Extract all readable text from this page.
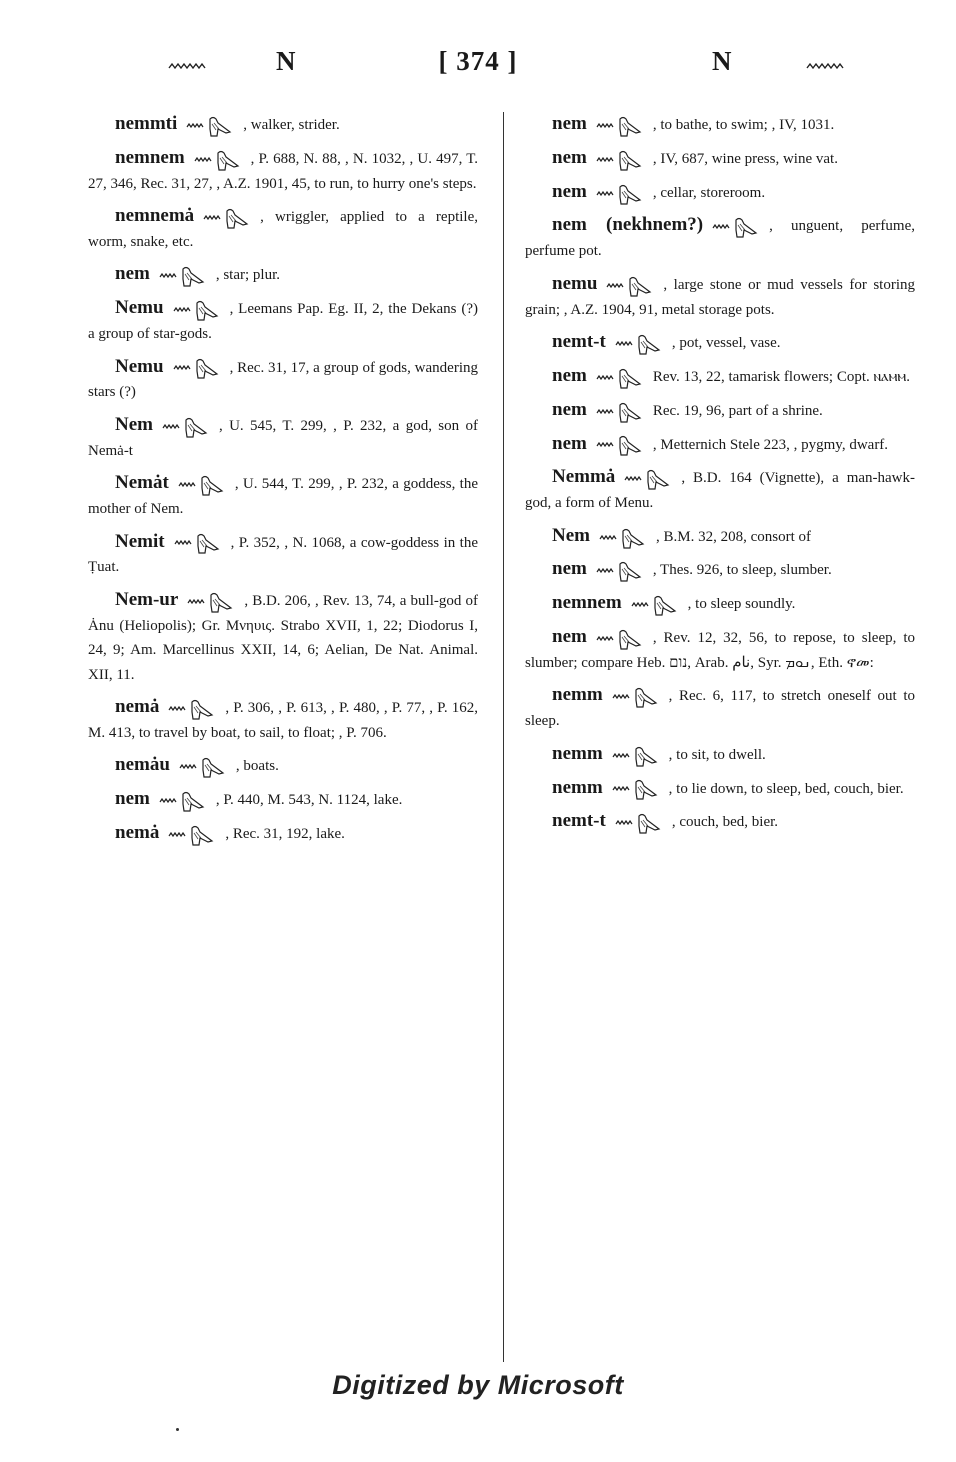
N	[ 374 ]	N
nemmti	, walker, strider.
nemnem	, P. 688, N. 88, , N. 1032, , U. 497, T. 27, 346, Rec. 31, 27, , A.Z. 1901, 45, to run, to hurry one's steps.
nemnemȧ	, wriggler, applied to a reptile, worm, snake, etc.
nem	, star; plur.
Nemu	, Leemans Pap. Eg. II, 2, the Dekans (?) a group of star-gods.
Nemu	, Rec. 31, 17, a group of gods, wandering stars (?)
Nem	, U. 545, T. 299, , P. 232, a god, son of Nemȧ-t
Nemȧt	, U. 544, T. 299, , P. 232, a goddess, the mother of Nem.
Nemit	, P. 352, , N. 1068, a cow-goddess in the Ṭuat.
Nem-ur	, B.D. 206, , Rev. 13, 74, a bull-god of Ȧnu (Heliopolis); Gr. Μνηυις. Strabo XVII, 1, 22; Diodorus I, 24, 9; Am. Marcellinus XXII, 14, 6; Aelian, De Nat. Animal. XII, 11.
nemȧ	, P. 306, , P. 613, , P. 480, , P. 77, , P. 162, M. 413, to travel by boat, to sail, to float; , P. 706.
nemȧu	, boats.
nem	, P. 440, M. 543, N. 1124, lake.
nemȧ	, Rec. 31, 192, lake.
nem	, to bathe, to swim; , IV, 1031.
nem	, IV, 687, wine press, wine vat.
nem	, cellar, storeroom.
nem (nekhnem?)	, unguent, perfume, perfume pot.
nemu	, large stone or mud vessels for storing grain; , A.Z. 1904, 91, metal storage pots.
nemt-t	, pot, vessel, vase.
nem	Rev. 13, 22, tamarisk flowers; Copt. ⲛⲁⲙⲙ.
nem	Rec. 19, 96, part of a shrine.
nem	, Metternich Stele 223, , pygmy, dwarf.
Nemmȧ	, B.D. 164 (Vignette), a man-hawk-god, a form of Menu.
Nem	, B.M. 32, 208, consort of
nem	, Thes. 926, to sleep, slumber.
nemnem	, to sleep soundly.
nem	, Rev. 12, 32, 56, to repose, to sleep, to slumber; compare Heb. נום, Arab. نام, Syr. ܢܘܡ, Eth. ኖመ:
nemm	, Rec. 6, 117, to stretch oneself out to sleep.
nemm	, to sit, to dwell.
nemm	, to lie down, to sleep, bed, couch, bier.
nemt-t	, couch, bed, bier.
Digitized by Microsoft
